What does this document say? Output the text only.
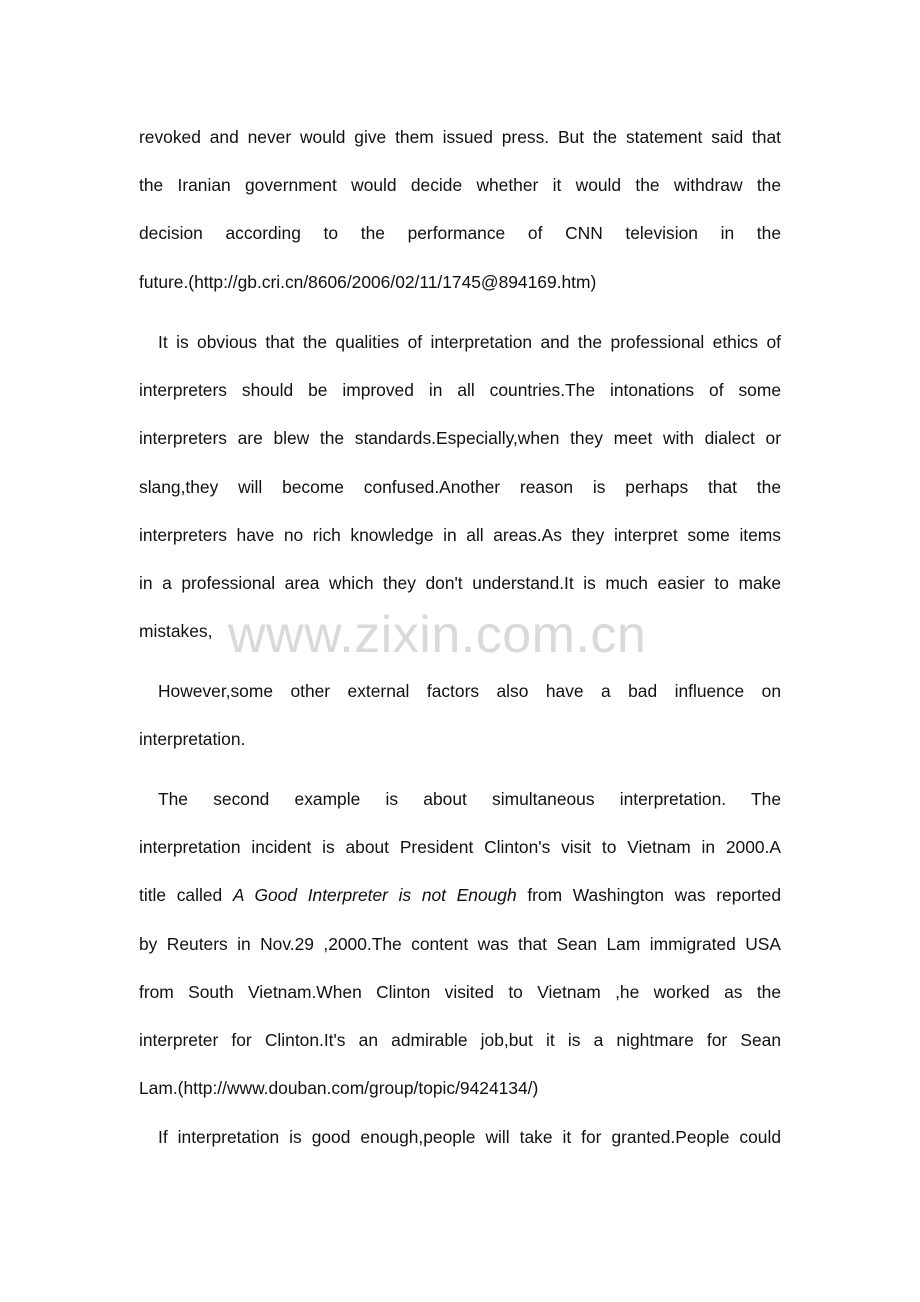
revoked and never would give them issued press. But the statement said that
the Iranian government would decide whether it would the withdraw the
decision according to the performance of CNN television in the
future.(http://gb.cri.cn/8606/2006/02/11/1745@894169.htm)

It is obvious that the qualities of interpretation and the professional ethics of
interpreters should be improved in all countries.The intonations of some
interpreters are blew the standards.Especially,when they meet with dialect or
slang,they will become confused.Another reason is perhaps that the
interpreters have no rich knowledge in all areas.As they interpret some items
in a professional area which they don't understand.It is much easier to make
mistakes,

However,some other external factors also have a bad influence on
interpretation.

The second example is about simultaneous interpretation. The
interpretation incident is about President Clinton's visit to Vietnam in 2000.A
title called A Good Interpreter is not Enough from Washington was reported
by Reuters in Nov.29 ,2000.The content was that Sean Lam immigrated USA
from South Vietnam.When Clinton visited to Vietnam ,he worked as the
interpreter for Clinton.It's an admirable job,but it is a nightmare for Sean
Lam.(http://www.douban.com/group/topic/9424134/)

If interpretation is good enough,people will take it for granted.People could

www.zixin.com.cn
